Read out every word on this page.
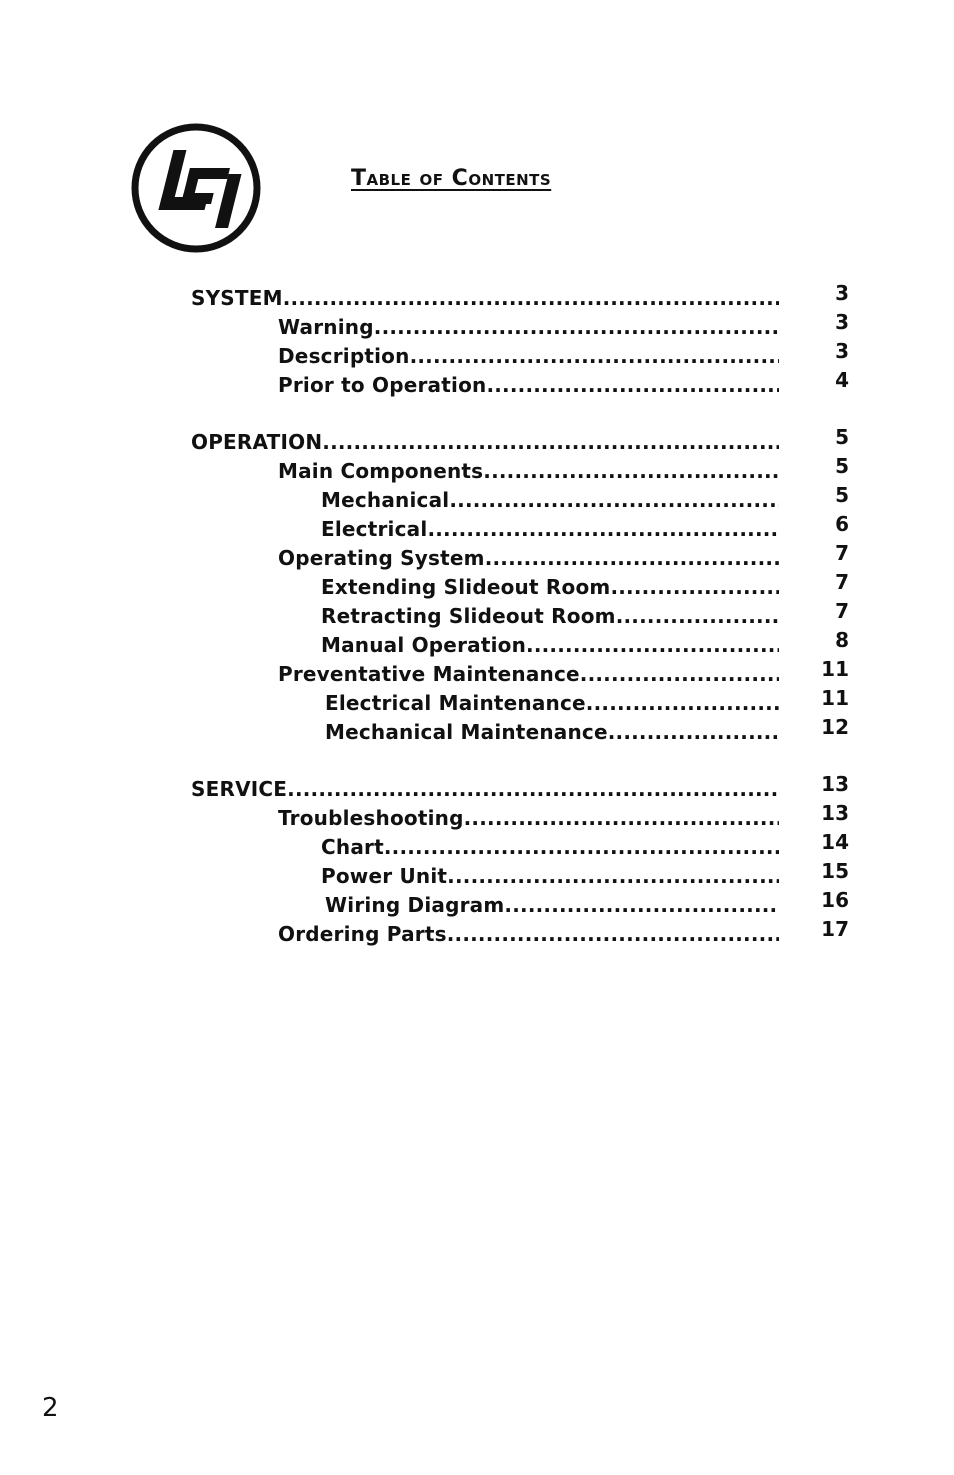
Table of Contents
SYSTEM .....	3
Warning .....	3
Description .....	3
Prior to Operation .....	4
OPERATION .....	5
Main Components .....	5
Mechanical .....	5
Electrical .....	6
Operating System .....	7
Extending Slideout Room .....	7
Retracting Slideout Room .....	7
Manual Operation .....	8
Preventative Maintenance .....	11
Electrical Maintenance .....	11
Mechanical Maintenance .....	12
SERVICE .....	13
Troubleshooting .....	13
Chart .....	14
Power Unit .....	15
Wiring Diagram .....	16
Ordering Parts .....	17
2
